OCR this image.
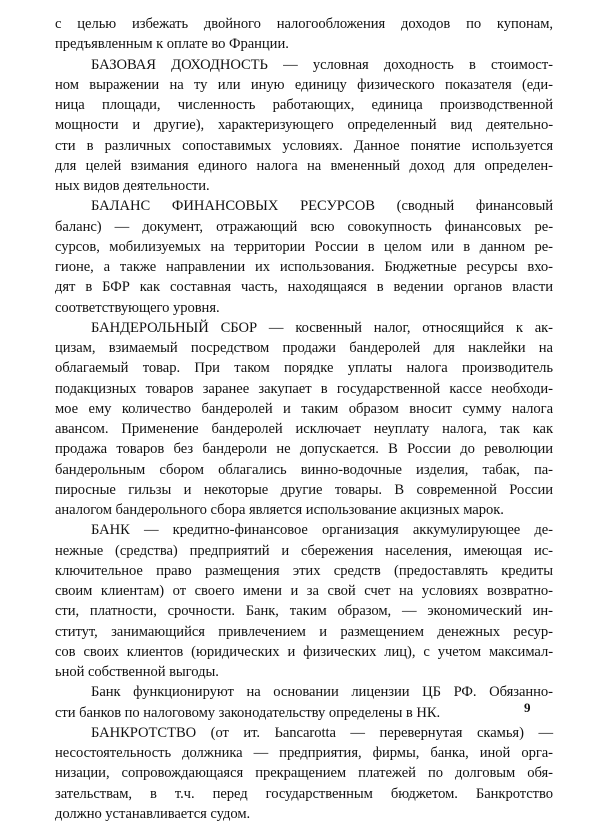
с целью избежать двойного налогообложения доходов по купонам,
предъявленным к оплате во Франции.
БАЗОВАЯ ДОХОДНОСТЬ — условная доходность в стоимост-
ном выражении на ту или иную единицу физического показателя (еди-
ница площади, численность работающих, единица производственной
мощности и другие), характеризующего определенный вид деятельно-
сти в различных сопоставимых условиях. Данное понятие используется
для целей взимания единого налога на вмененный доход для определен-
ных видов деятельности.
БАЛАНС ФИНАНСОВЫХ РЕСУРСОВ (сводный финансовый
баланс) — документ, отражающий всю совокупность финансовых ре-
сурсов, мобилизуемых на территории России в целом или в данном ре-
гионе, а также направлении их использования. Бюджетные ресурсы вхо-
дят в БФР как составная часть, находящаяся в ведении органов власти
соответствующего уровня.
БАНДЕРОЛЬНЫЙ СБОР — косвенный налог, относящийся к ак-
цизам, взимаемый посредством продажи бандеролей для наклейки на
облагаемый товар. При таком порядке уплаты налога производитель
подакцизных товаров заранее закупает в государственной кассе необходи-
мое ему количество бандеролей и таким образом вносит сумму налога
авансом. Применение бандеролей исключает неуплату налога, так как
продажа товаров без бандероли не допускается. В России до революции
бандерольным сбором облагались винно-водочные изделия, табак, па-
пиросные гильзы и некоторые другие товары. В современной России
аналогом бандерольного сбора является использование акцизных марок.
БАНК — кредитно-финансовое организация аккумулирующее де-
нежные (средства) предприятий и сбережения населения, имеющая ис-
ключительное право размещения этих средств (предоставлять кредиты
своим клиентам) от своего имени и за свой счет на условиях возвратно-
сти, платности, срочности. Банк, таким образом, — экономический ин-
ститут, занимающийся привлечением и размещением денежных ресур-
сов своих клиентов (юридических и физических лиц), с учетом максимал-
ьной собственной выгоды.
Банк функционируют на основании лицензии ЦБ РФ. Обязанно-
сти банков по налоговому законодательству определены в НК.
БАНКРОТСТВО (от ит. Ьancarotta — перевернутая скамья) —
несостоятельность должника — предприятия, фирмы, банка, иной орга-
низации, сопровождающаяся прекращением платежей по долговым обя-
зательствам, в т.ч. перед государственным бюджетом. Банкротство
должно устанавливается судом.
9
